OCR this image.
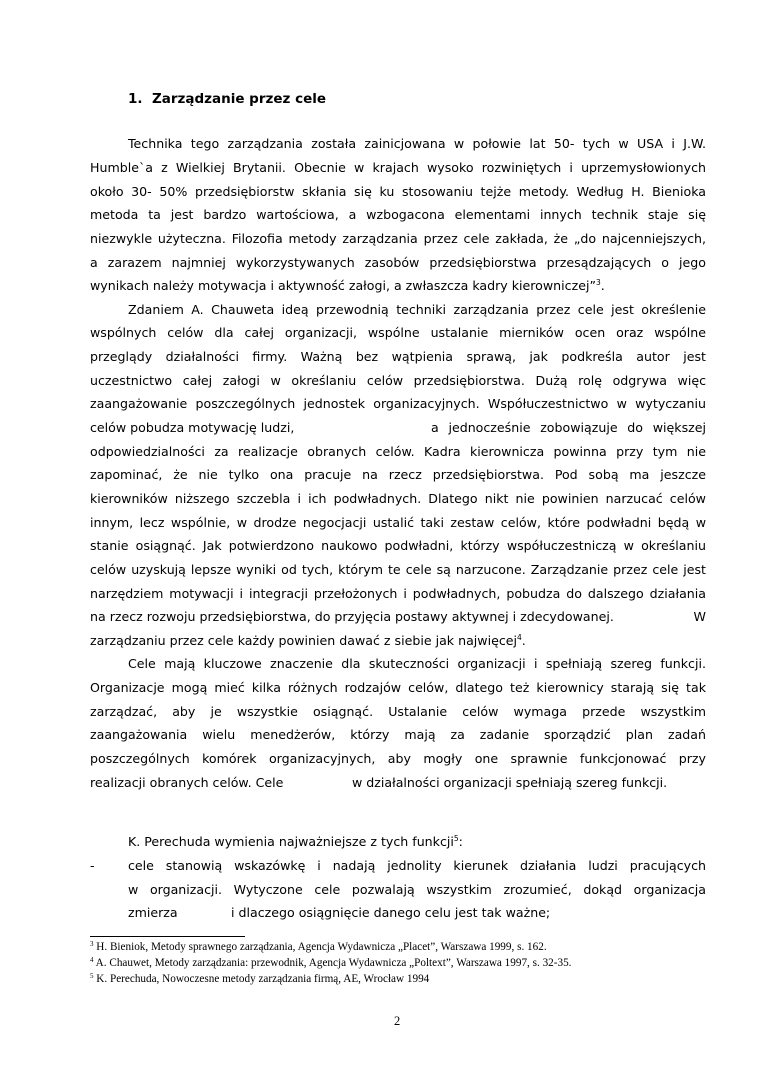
1. Zarządzanie przez cele
Technika tego zarządzania została zainicjowana w połowie lat 50- tych w USA i J.W.
Humble`a z Wielkiej Brytanii. Obecnie w krajach wysoko rozwiniętych i uprzemysłowionych
około 30- 50% przedsiębiorstw skłania się ku stosowaniu tejże metody. Według H. Bienioka
metoda ta jest bardzo wartościowa, a wzbogacona elementami innych technik staje się
niezwykle użyteczna. Filozofia metody zarządzania przez cele zakłada, że „do najcenniejszych,
a zarazem najmniej wykorzystywanych zasobów przedsiębiorstwa przesądzających o jego
wynikach należy motywacja i aktywność załogi, a zwłaszcza kadry kierowniczej”$^3$.
Zdaniem A. Chauweta ideą przewodnią techniki zarządzania przez cele jest określenie
wspólnych celów dla całej organizacji, wspólne ustalanie mierników ocen oraz wspólne
przeglądy działalności firmy. Ważną bez wątpienia sprawą, jak podkreśla autor jest
uczestnictwo całej załogi w określaniu celów przedsiębiorstwa. Dużą rolę odgrywa więc
zaangażowanie poszczególnych jednostek organizacyjnych. Współuczestnictwo w wytyczaniu
celów pobudza motywację ludzi,	a jednocześnie zobowiązuje do większej
odpowiedzialności za realizacje obranych celów. Kadra kierownicza powinna przy tym nie
zapominać, że nie tylko ona pracuje na rzecz przedsiębiorstwa. Pod sobą ma jeszcze
kierowników niższego szczebla i ich podwładnych. Dlatego nikt nie powinien narzucać celów
innym, lecz wspólnie, w drodze negocjacji ustalić taki zestaw celów, które podwładni będą w
stanie osiągnąć. Jak potwierdzono naukowo podwładni, którzy współuczestniczą w określaniu
celów uzyskują lepsze wyniki od tych, którym te cele są narzucone. Zarządzanie przez cele jest
narzędziem motywacji i integracji przełożonych i podwładnych, pobudza do dalszego działania
na rzecz rozwoju przedsiębiorstwa, do przyjęcia postawy aktywnej i zdecydowanej.	W
zarządzaniu przez cele każdy powinien dawać z siebie jak najwięcej$^4$.
Cele mają kluczowe znaczenie dla skuteczności organizacji i spełniają szereg funkcji.
Organizacje mogą mieć kilka różnych rodzajów celów, dlatego też kierownicy starają się tak
zarządzać, aby je wszystkie osiągnąć. Ustalanie celów wymaga przede wszystkim
zaangażowania wielu menedżerów, którzy mają za zadanie sporządzić plan zadań
poszczególnych komórek organizacyjnych, aby mogły one sprawnie funkcjonować przy
realizacji obranych celów. Cele	w działalności organizacji spełniają szereg funkcji.
K. Perechuda wymienia najważniejsze z tych funkcji$^5$:
-	cele stanowią wskazówkę i nadają jednolity kierunek działania ludzi pracujących
w organizacji. Wytyczone cele pozwalają wszystkim zrozumieć, dokąd organizacja
zmierza	i dlaczego osiągnięcie danego celu jest tak ważne;
$^3$ H. Bieniok, Metody sprawnego zarządzania, Agencja Wydawnicza „Placet”, Warszawa 1999, s. 162.
$^4$ A. Chauwet, Metody zarządzania: przewodnik, Agencja Wydawnicza „Poltext”, Warszawa 1997, s. 32-35.
$^5$ K. Perechuda, Nowoczesne metody zarządzania firmą, AE, Wrocław 1994
2
